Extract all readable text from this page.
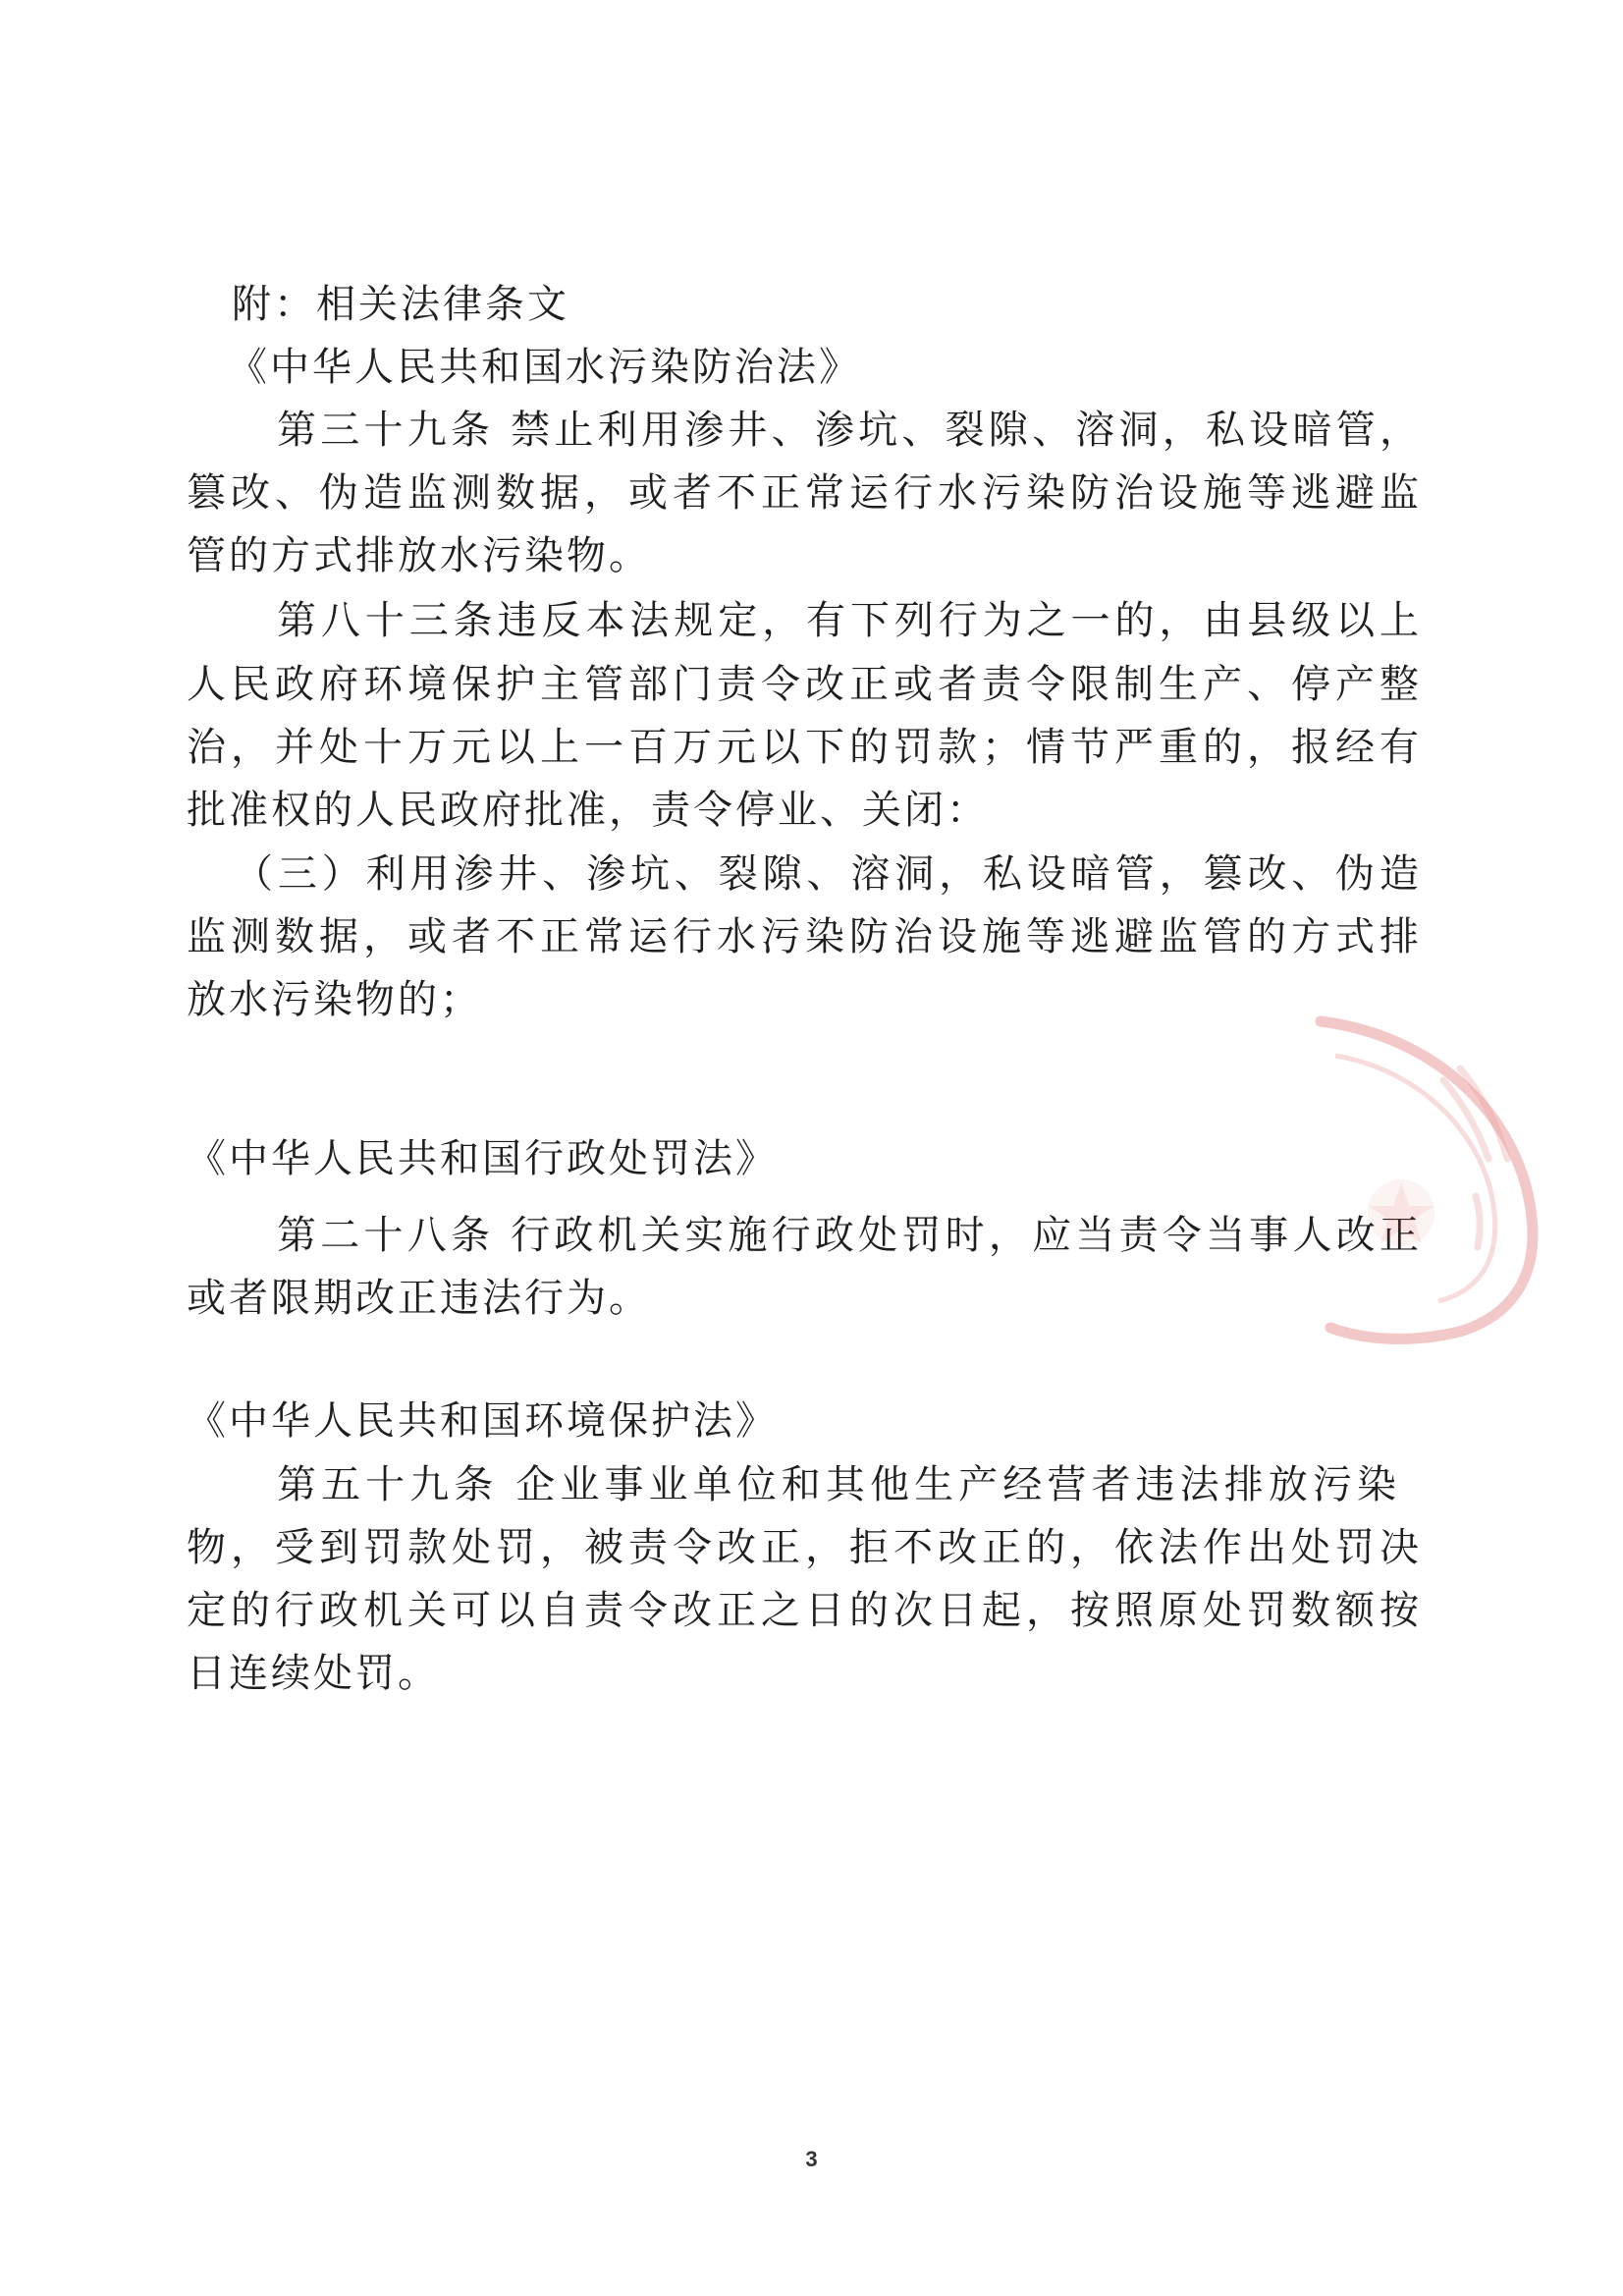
附：相关法律条文
《中华人民共和国水污染防治法》
第三十九条 禁止利用渗井、渗坑、裂隙、溶洞，私设暗管，
篡改、伪造监测数据，或者不正常运行水污染防治设施等逃避监
管的方式排放水污染物。
第八十三条违反本法规定，有下列行为之一的，由县级以上
人民政府环境保护主管部门责令改正或者责令限制生产、停产整
治，并处十万元以上一百万元以下的罚款；情节严重的，报经有
批准权的人民政府批准，责令停业、关闭：
（三）利用渗井、渗坑、裂隙、溶洞，私设暗管，篡改、伪造
监测数据，或者不正常运行水污染防治设施等逃避监管的方式排
放水污染物的；
《中华人民共和国行政处罚法》
第二十八条 行政机关实施行政处罚时，应当责令当事人改正
或者限期改正违法行为。
《中华人民共和国环境保护法》
第五十九条 企业事业单位和其他生产经营者违法排放污染
物，受到罚款处罚，被责令改正，拒不改正的，依法作出处罚决
定的行政机关可以自责令改正之日的次日起，按照原处罚数额按
日连续处罚。
3
